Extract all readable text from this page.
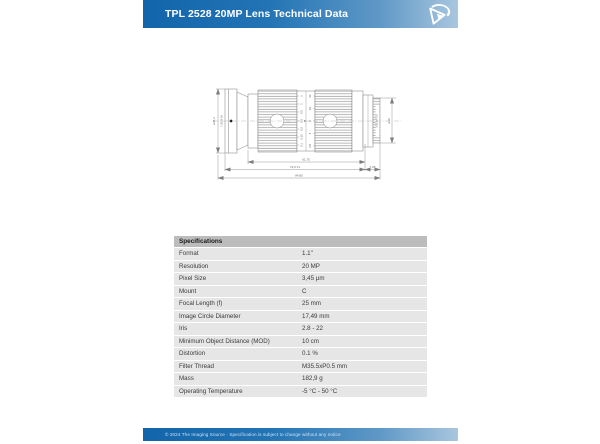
TPL 2528 20MP Lens Technical Data
∞
1
0.5
0.3
0.2
0.15
0.1
22
16
8
4
2.8
ø45,3 1-32UN-2A	M35.5×P0.5	ø39
61,75
74,6 ±1	7,05
84,85
Specifications
Format	1.1"
Resolution	20 MP
Pixel Size	3,45 µm
Mount	C
Focal Length (f)	25 mm
Image Circle Diameter	17,49 mm
Iris	2.8 - 22
Minimum Object Distance (MOD)	10 cm
Distortion	0.1 %
Filter Thread	M35.5xP0.5 mm
Mass	182,9 g
Operating Temperature	-5 °C - 50 °C
© 2024 The Imaging Source · Specification is subject to change without any notice
